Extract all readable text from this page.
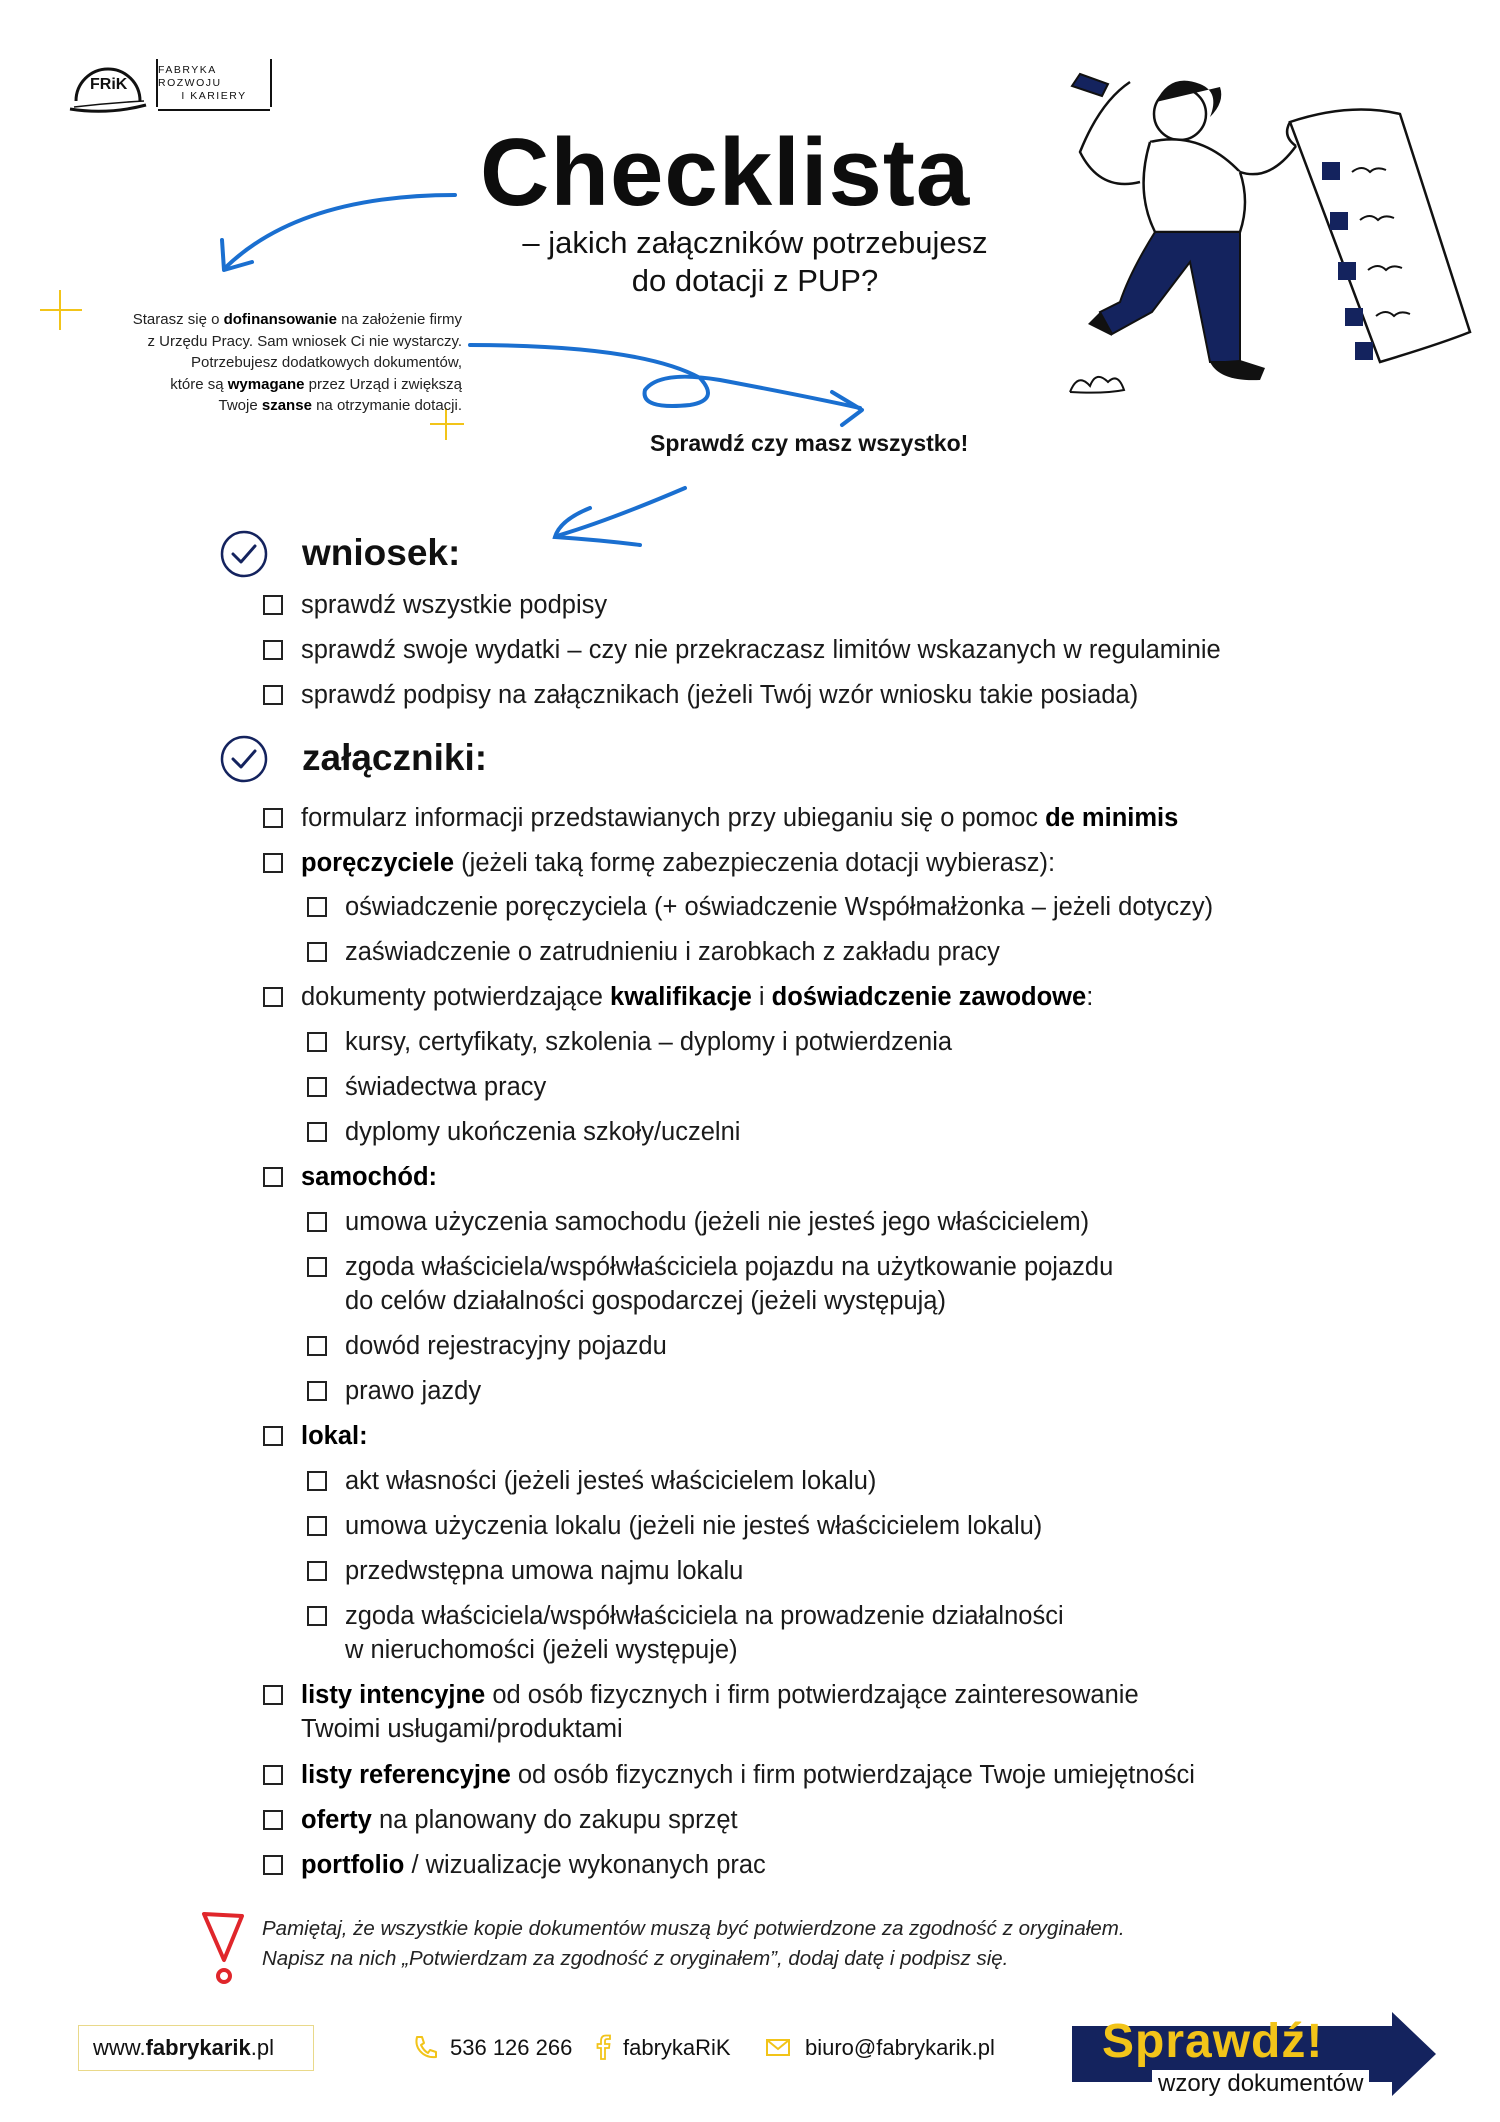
FRiK
FABRYKA ROZWOJU
I KARIERY
Checklista
– jakich załączników potrzebujesz
do dotacji z PUP?
Starasz się o dofinansowanie na założenie firmy
z Urzędu Pracy. Sam wniosek Ci nie wystarczy.
Potrzebujesz dodatkowych dokumentów,
które są wymagane przez Urząd i zwiększą
Twoje szanse na otrzymanie dotacji.
Sprawdź czy masz wszystko!
wniosek:
sprawdź wszystkie podpisy
sprawdź swoje wydatki – czy nie przekraczasz limitów wskazanych w regulaminie
sprawdź podpisy na załącznikach (jeżeli Twój wzór wniosku takie posiada)
załączniki:
formularz informacji przedstawianych przy ubieganiu się o pomoc de minimis
poręczyciele (jeżeli taką formę zabezpieczenia dotacji wybierasz):
oświadczenie poręczyciela (+ oświadczenie Współmałżonka – jeżeli dotyczy)
zaświadczenie o zatrudnieniu i zarobkach z zakładu pracy
dokumenty potwierdzające kwalifikacje i doświadczenie zawodowe:
kursy, certyfikaty, szkolenia – dyplomy i potwierdzenia
świadectwa pracy
dyplomy ukończenia szkoły/uczelni
samochód:
umowa użyczenia samochodu (jeżeli nie jesteś jego właścicielem)
zgoda właściciela/współwłaściciela pojazdu na użytkowanie pojazdu
do celów działalności gospodarczej (jeżeli występują)
dowód rejestracyjny pojazdu
prawo jazdy
lokal:
akt własności (jeżeli jesteś właścicielem lokalu)
umowa użyczenia lokalu (jeżeli nie jesteś właścicielem lokalu)
przedwstępna umowa najmu lokalu
zgoda właściciela/współwłaściciela na prowadzenie działalności
w nieruchomości (jeżeli występuje)
listy intencyjne od osób fizycznych i firm potwierdzające zainteresowanie
Twoimi usługami/produktami
listy referencyjne od osób fizycznych i firm potwierdzające Twoje umiejętności
oferty na planowany do zakupu sprzęt
portfolio / wizualizacje wykonanych prac
Pamiętaj, że wszystkie kopie dokumentów muszą być potwierdzone za zgodność z oryginałem.
Napisz na nich „Potwierdzam za zgodność z oryginałem”, dodaj datę i podpisz się.
www.fabrykarik.pl	536 126 266 fabrykaRiK	biuro@fabrykarik.pl Sprawdź!
wzory dokumentów
